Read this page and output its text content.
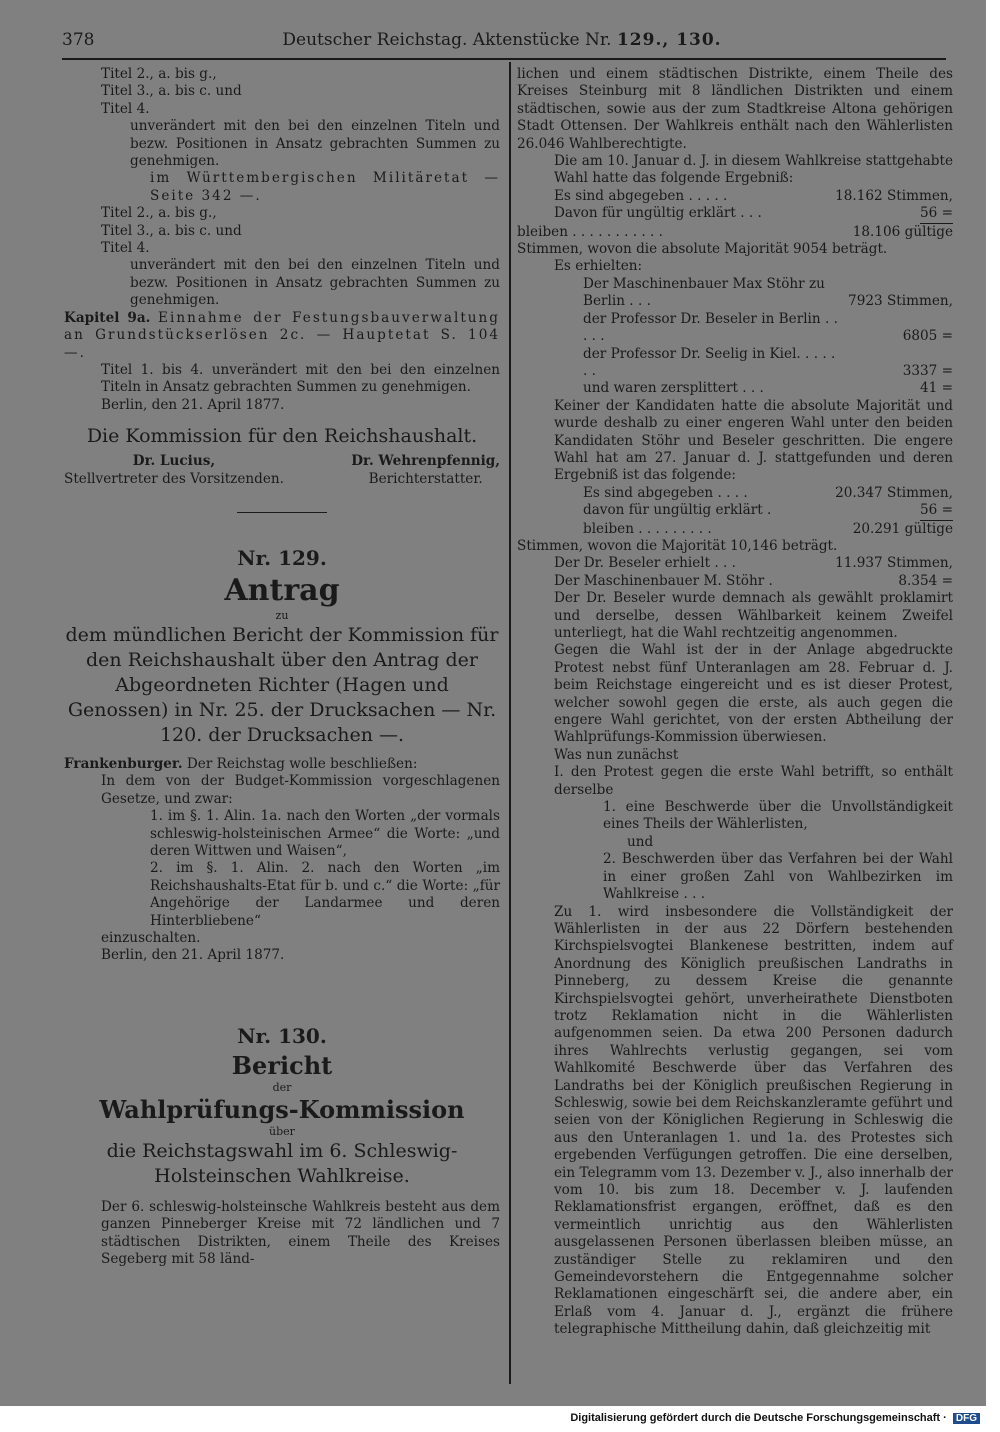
378	Deutscher Reichstag. Aktenstücke Nr. 129., 130.

Titel 2., a. bis g.,

Titel 3., a. bis c. und

Titel 4.

unverändert mit den bei den einzelnen Titeln und bezw. Positionen in Ansatz gebrachten Summen zu genehmigen.

im Württembergischen Militäretat — Seite 342 —.

Titel 2., a. bis g.,

Titel 3., a. bis c. und

Titel 4.

unverändert mit den bei den einzelnen Titeln und bezw. Positionen in Ansatz gebrachten Summen zu genehmigen.

Kapitel 9a. Einnahme der Festungsbauverwaltung an Grundstückserlösen 2c. — Hauptetat S. 104 —.

Titel 1. bis 4. unverändert mit den bei den einzelnen Titeln in Ansatz gebrachten Summen zu genehmigen.

Berlin, den 21. April 1877.

Die Kommission für den Reichshaushalt.

Dr. Lucius,
Stellvertreter des Vorsitzenden.
Dr. Wehrenpfennig,
Berichterstatter.

Nr. 129.

Antrag

zu

dem mündlichen Bericht der Kommission für den Reichshaushalt über den Antrag der Abgeordneten Richter (Hagen und Genossen) in Nr. 25. der Drucksachen — Nr. 120. der Drucksachen —.

Frankenburger. Der Reichstag wolle beschließen:

In dem von der Budget-Kommission vorgeschlagenen Gesetze, und zwar:

1. im §. 1. Alin. 1a. nach den Worten „der vormals schleswig-holsteinischen Armee“ die Worte: „und deren Wittwen und Waisen“,

2. im §. 1. Alin. 2. nach den Worten „im Reichshaushalts-Etat für b. und c.“ die Worte: „für Angehörige der Landarmee und deren Hinterbliebene“

einzuschalten.

Berlin, den 21. April 1877.

Nr. 130.

Bericht

der

Wahlprüfungs-Kommission

über

die Reichstagswahl im 6. Schleswig-Holsteinschen Wahlkreise.

Der 6. schleswig-holsteinsche Wahlkreis besteht aus dem ganzen Pinneberger Kreise mit 72 ländlichen und 7 städtischen Distrikten, einem Theile des Kreises Segeberg mit 58 länd-

lichen und einem städtischen Distrikte, einem Theile des Kreises Steinburg mit 8 ländlichen Distrikten und einem städtischen, sowie aus der zum Stadtkreise Altona gehörigen Stadt Ottensen. Der Wahlkreis enthält nach den Wählerlisten 26.046 Wahlberechtigte.

Die am 10. Januar d. J. in diesem Wahlkreise stattgehabte Wahl hatte das folgende Ergebniß:

Es sind abgegeben . . . . .	18.162 Stimmen,
Davon für ungültig erklärt . . .	56 =
bleiben . . . . . . . . . . .	18.106 gültige

Stimmen, wovon die absolute Majorität 9054 beträgt.

Es erhielten:

Der Maschinenbauer Max Stöhr zu Berlin . . .	7923 Stimmen,
der Professor Dr. Beseler in Berlin . . . . .	6805 =
der Professor Dr. Seelig in Kiel. . . . . . .	3337 =
und waren zersplittert . . .	41 =

Keiner der Kandidaten hatte die absolute Majorität und wurde deshalb zu einer engeren Wahl unter den beiden Kandidaten Stöhr und Beseler geschritten. Die engere Wahl hat am 27. Januar d. J. stattgefunden und deren Ergebniß ist das folgende:

Es sind abgegeben . . . .	20.347 Stimmen,
davon für ungültig erklärt .	56 =
bleiben . . . . . . . . .	20.291 gültige

Stimmen, wovon die Majorität 10,146 beträgt.

Der Dr. Beseler erhielt . . .	11.937 Stimmen,
Der Maschinenbauer M. Stöhr .	8.354 =

Der Dr. Beseler wurde demnach als gewählt proklamirt und derselbe, dessen Wählbarkeit keinem Zweifel unterliegt, hat die Wahl rechtzeitig angenommen.

Gegen die Wahl ist der in der Anlage abgedruckte Protest nebst fünf Unteranlagen am 28. Februar d. J. beim Reichstage eingereicht und es ist dieser Protest, welcher sowohl gegen die erste, als auch gegen die engere Wahl gerichtet, von der ersten Abtheilung der Wahlprüfungs-Kommission überwiesen.

Was nun zunächst

I. den Protest gegen die erste Wahl betrifft, so enthält derselbe

1. eine Beschwerde über die Unvollständigkeit eines Theils der Wählerlisten,

und

2. Beschwerden über das Verfahren bei der Wahl in einer großen Zahl von Wahlbezirken im Wahlkreise . . .

Zu 1. wird insbesondere die Vollständigkeit der Wählerlisten in der aus 22 Dörfern bestehenden Kirchspielsvogtei Blankenese bestritten, indem auf Anordnung des Königlich preußischen Landraths in Pinneberg, zu dessem Kreise die genannte Kirchspielsvogtei gehört, unverheirathete Dienstboten trotz Reklamation nicht in die Wählerlisten aufgenommen seien. Da etwa 200 Personen dadurch ihres Wahlrechts verlustig gegangen, sei vom Wahlkomité Beschwerde über das Verfahren des Landraths bei der Königlich preußischen Regierung in Schleswig, sowie bei dem Reichskanzleramte geführt und seien von der Königlichen Regierung in Schleswig die aus den Unteranlagen 1. und 1a. des Protestes sich ergebenden Verfügungen getroffen. Die eine derselben, ein Telegramm vom 13. Dezember v. J., also innerhalb der vom 10. bis zum 18. December v. J. laufenden Reklamationsfrist ergangen, eröffnet, daß es den vermeintlich unrichtig aus den Wählerlisten ausgelassenen Personen überlassen bleiben müsse, an zuständiger Stelle zu reklamiren und den Gemeindevorstehern die Entgegennahme solcher Reklamationen eingeschärft sei, die andere aber, ein Erlaß vom 4. Januar d. J., ergänzt die frühere telegraphische Mittheilung dahin, daß gleichzeitig mit

Digitalisierung gefördert durch die Deutsche Forschungsgemeinschaft · DFG
